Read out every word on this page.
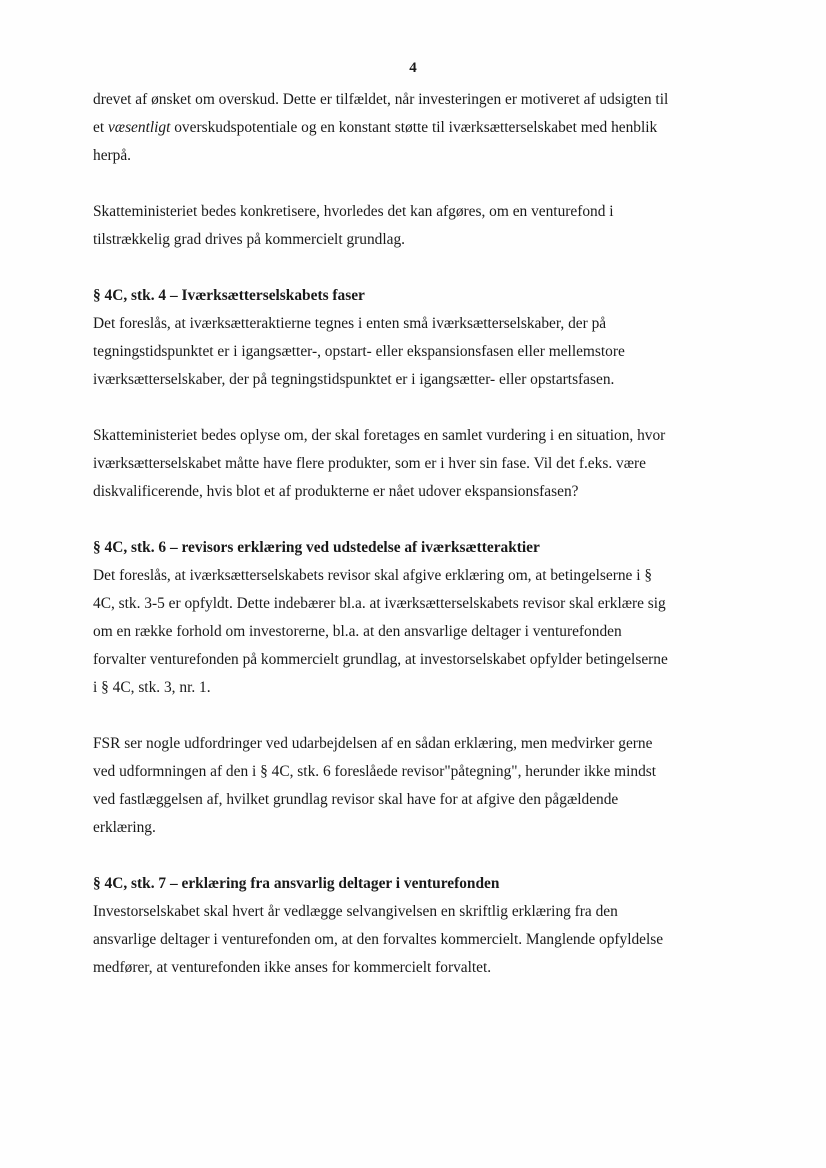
4
drevet af ønsket om overskud. Dette er tilfældet, når investeringen er motiveret af udsigten til
et væsentligt overskudspotentiale og en konstant støtte til iværksætterselskabet med henblik
herpå.
Skatteministeriet bedes konkretisere, hvorledes det kan afgøres, om en venturefond i
tilstrækkelig grad drives på kommercielt grundlag.
§ 4C, stk. 4 – Iværksætterselskabets faser
Det foreslås, at iværksætteraktierne tegnes i enten små iværksætterselskaber, der på
tegningstidspunktet er i igangsætter-, opstart- eller ekspansionsfasen eller mellemstore
iværksætterselskaber, der på tegningstidspunktet er i igangsætter- eller opstartsfasen.
Skatteministeriet bedes oplyse om, der skal foretages en samlet vurdering i en situation, hvor
iværksætterselskabet måtte have flere produkter, som er i hver sin fase. Vil det f.eks. være
diskvalificerende, hvis blot et af produkterne er nået udover ekspansionsfasen?
§ 4C, stk. 6 – revisors erklæring ved udstedelse af iværksætteraktier
Det foreslås, at iværksætterselskabets revisor skal afgive erklæring om, at betingelserne i §
4C, stk. 3-5 er opfyldt. Dette indebærer bl.a. at iværksætterselskabets revisor skal erklære sig
om en række forhold om investorerne, bl.a. at den ansvarlige deltager i venturefonden
forvalter venturefonden på kommercielt grundlag, at investorselskabet opfylder betingelserne
i § 4C, stk. 3, nr. 1.
FSR ser nogle udfordringer ved udarbejdelsen af en sådan erklæring, men medvirker gerne
ved udformningen af den i § 4C, stk. 6 foreslåede revisor"påtegning", herunder ikke mindst
ved fastlæggelsen af, hvilket grundlag revisor skal have for at afgive den pågældende
erklæring.
§ 4C, stk. 7 – erklæring fra ansvarlig deltager i venturefonden
Investorselskabet skal hvert år vedlægge selvangivelsen en skriftlig erklæring fra den
ansvarlige deltager i venturefonden om, at den forvaltes kommercielt. Manglende opfyldelse
medfører, at venturefonden ikke anses for kommercielt forvaltet.
